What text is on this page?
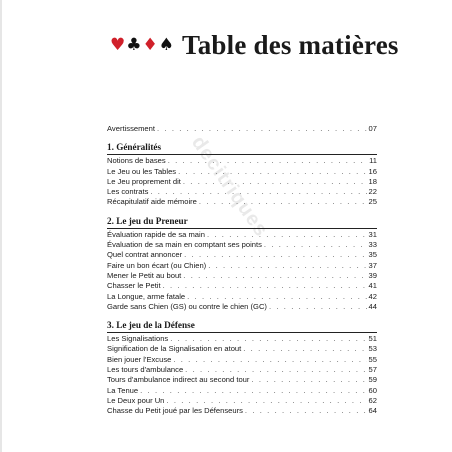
♥ ♣ ♦ ♠ Table des matières
decitriques
Avertissement . . .	07
1. Généralités
Notions de bases . . .	11
Le Jeu ou les Tables . . .	16
Le Jeu proprement dit . . .	18
Les contrats . . .	22
Récapitulatif aide mémoire . . .	25
2. Le jeu du Preneur
Évaluation rapide de sa main . . .	31
Évaluation de sa main en comptant ses points . . .	33
Quel contrat annoncer . . .	35
Faire un bon écart (ou Chien) . . .	37
Mener le Petit au bout . . .	39
Chasser le Petit . . .	41
La Longue, arme fatale . . .	42
Garde sans Chien (GS) ou contre le chien (GC) . . .	44
3. Le jeu de la Défense
Les Signalisations . . .	51
Signification de la Signalisation en atout . . .	53
Bien jouer l'Excuse . . .	55
Les tours d'ambulance . . .	57
Tours d'ambulance indirect au second tour . . .	59
La Tenue . . .	60
Le Deux pour Un . . .	62
Chasse du Petit joué par les Défenseurs . . .	64
